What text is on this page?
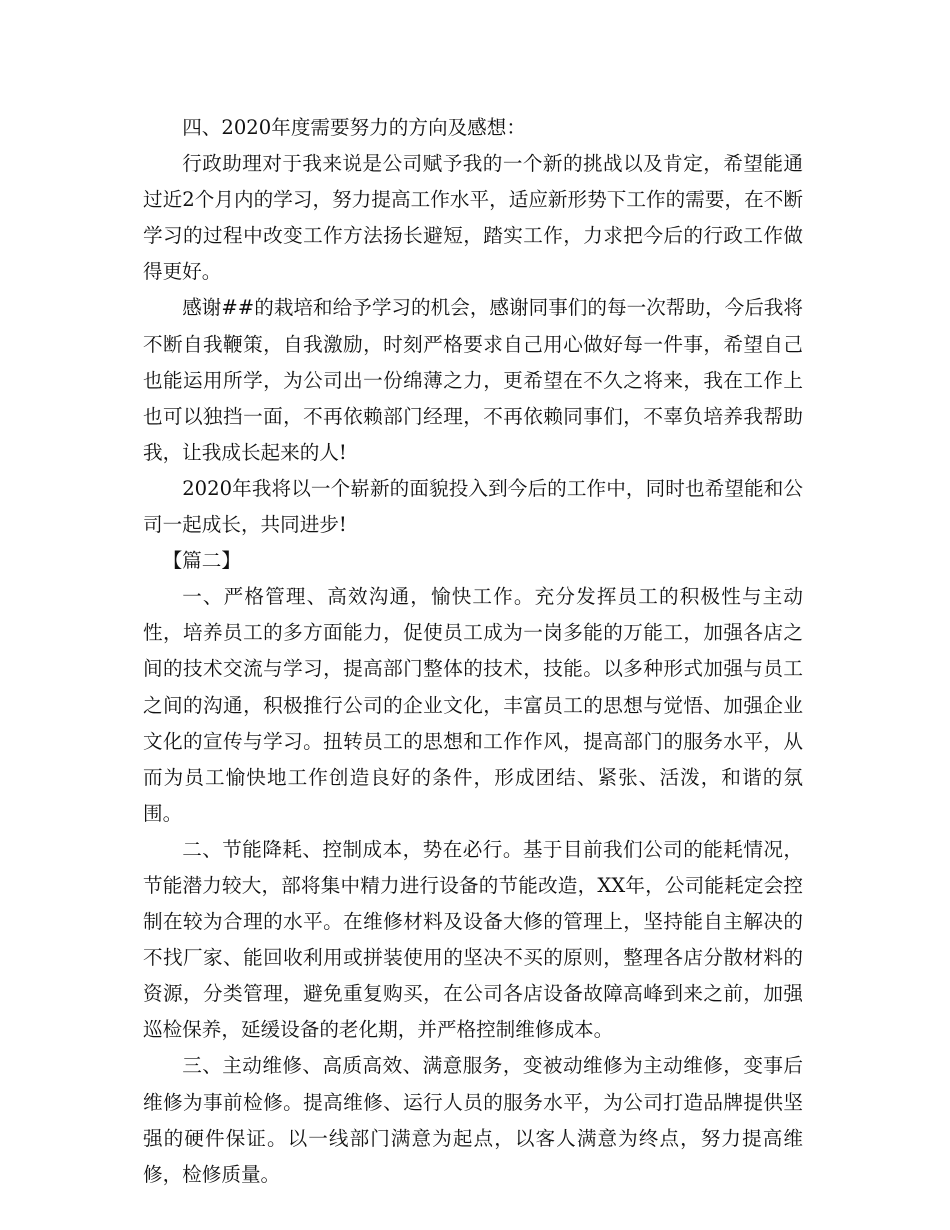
四、2020年度需要努力的方向及感想：

行政助理对于我来说是公司赋予我的一个新的挑战以及肯定，希望能通过近2个月内的学习，努力提高工作水平，适应新形势下工作的需要，在不断学习的过程中改变工作方法扬长避短，踏实工作，力求把今后的行政工作做得更好。

感谢##的栽培和给予学习的机会，感谢同事们的每一次帮助，今后我将不断自我鞭策，自我激励，时刻严格要求自己用心做好每一件事，希望自己也能运用所学，为公司出一份绵薄之力，更希望在不久之将来，我在工作上也可以独挡一面，不再依赖部门经理，不再依赖同事们，不辜负培养我帮助我，让我成长起来的人!

2020年我将以一个崭新的面貌投入到今后的工作中，同时也希望能和公司一起成长，共同进步!

【篇二】

一、严格管理、高效沟通，愉快工作。充分发挥员工的积极性与主动性，培养员工的多方面能力，促使员工成为一岗多能的万能工，加强各店之间的技术交流与学习，提高部门整体的技术，技能。以多种形式加强与员工之间的沟通，积极推行公司的企业文化，丰富员工的思想与觉悟、加强企业文化的宣传与学习。扭转员工的思想和工作作风，提高部门的服务水平，从而为员工愉快地工作创造良好的条件，形成团结、紧张、活泼，和谐的氛围。

二、节能降耗、控制成本，势在必行。基于目前我们公司的能耗情况，节能潜力较大，部将集中精力进行设备的节能改造，XX年，公司能耗定会控制在较为合理的水平。在维修材料及设备大修的管理上，坚持能自主解决的不找厂家、能回收利用或拼装使用的坚决不买的原则，整理各店分散材料的资源，分类管理，避免重复购买，在公司各店设备故障高峰到来之前，加强巡检保养，延缓设备的老化期，并严格控制维修成本。

三、主动维修、高质高效、满意服务，变被动维修为主动维修，变事后维修为事前检修。提高维修、运行人员的服务水平，为公司打造品牌提供坚强的硬件保证。以一线部门满意为起点，以客人满意为终点，努力提高维修，检修质量。
